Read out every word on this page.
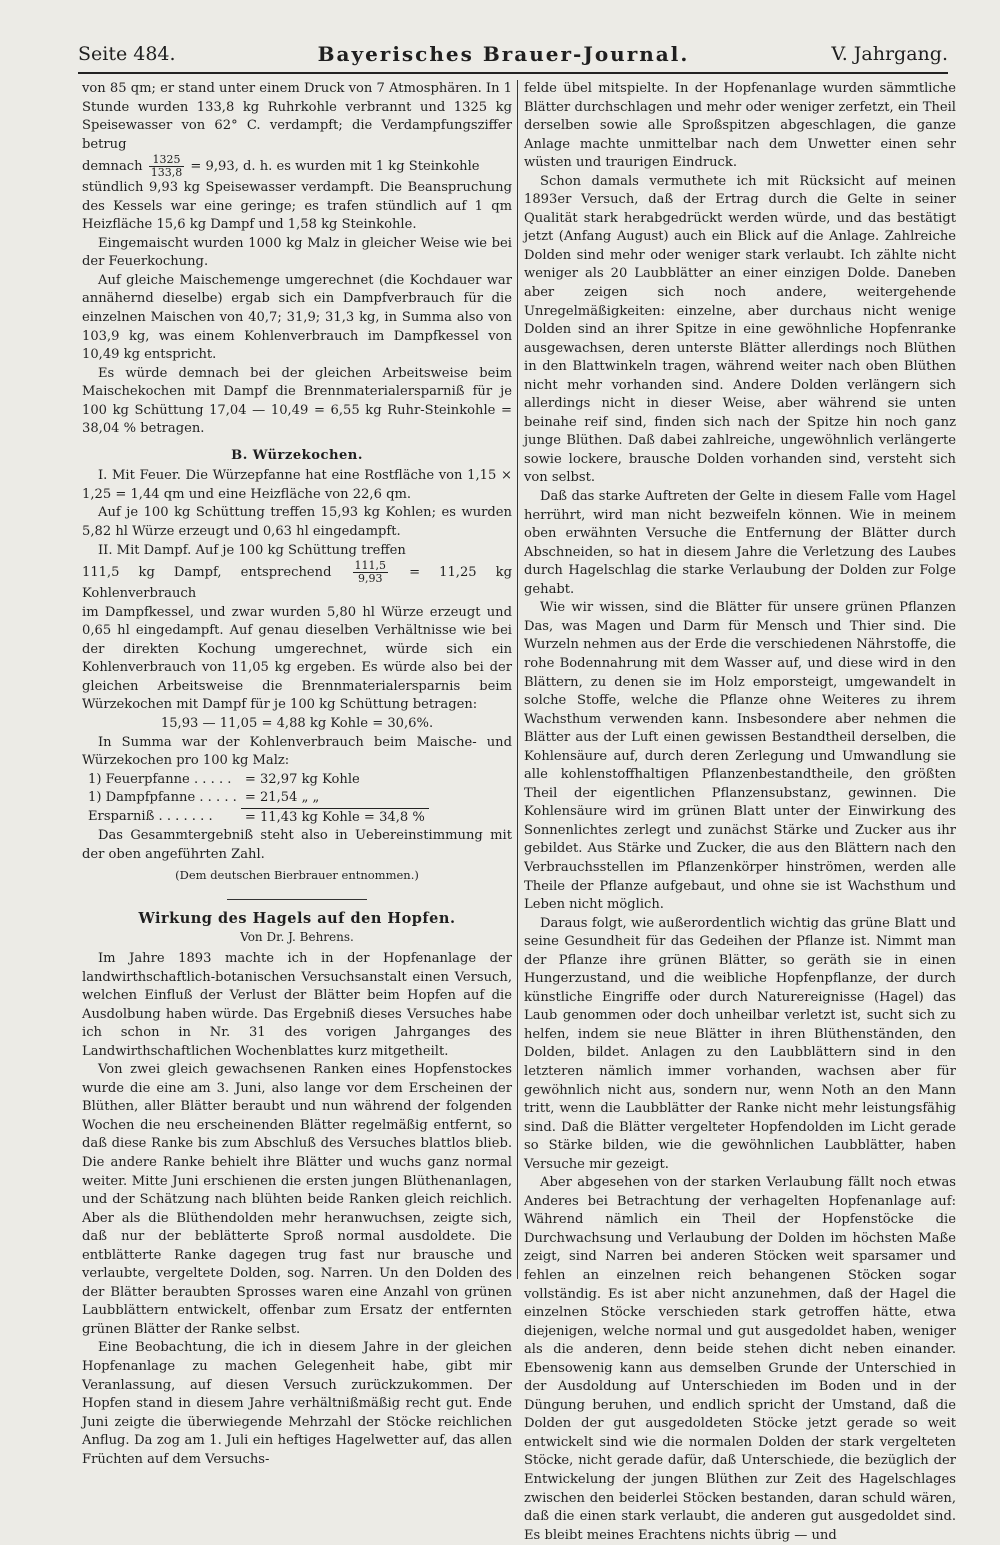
Seite 484.	Bayerisches Brauer-Journal.	V. Jahrgang.

von 85 qm; er stand unter einem Druck von 7 Atmosphären. In 1 Stunde wurden 133,8 kg Ruhrkohle verbrannt und 1325 kg Speisewasser von 62° C. verdampft; die Verdampfungsziffer betrug

demnach $\frac{1325}{133,8} = 9,93$, d. h. es wurden mit 1 kg Steinkohle

stündlich 9,93 kg Speisewasser verdampft. Die Beanspruchung des Kessels war eine geringe; es trafen stündlich auf 1 qm Heizfläche 15,6 kg Dampf und 1,58 kg Steinkohle.

Eingemaischt wurden 1000 kg Malz in gleicher Weise wie bei der Feuerkochung.

Auf gleiche Maischemenge umgerechnet (die Kochdauer war annähernd dieselbe) ergab sich ein Dampfverbrauch für die einzelnen Maischen von 40,7; 31,9; 31,3 kg, in Summa also von 103,9 kg, was einem Kohlenverbrauch im Dampfkessel von 10,49 kg entspricht.

Es würde demnach bei der gleichen Arbeitsweise beim Maischekochen mit Dampf die Brennmaterialersparniß für je 100 kg Schüttung 17,04 — 10,49 = 6,55 kg Ruhr-Steinkohle = 38,04 % betragen.

B. Würzekochen.

I. Mit Feuer. Die Würzepfanne hat eine Rostfläche von 1,15 × 1,25 = 1,44 qm und eine Heizfläche von 22,6 qm.

Auf je 100 kg Schüttung treffen 15,93 kg Kohlen; es wurden 5,82 hl Würze erzeugt und 0,63 hl eingedampft.

II. Mit Dampf. Auf je 100 kg Schüttung treffen

111,5 kg Dampf, entsprechend $\frac{111,5}{9,93} = 11,25$ kg Kohlenverbrauch

im Dampfkessel, und zwar wurden 5,80 hl Würze erzeugt und 0,65 hl eingedampft. Auf genau dieselben Verhältnisse wie bei der direkten Kochung umgerechnet, würde sich ein Kohlenverbrauch von 11,05 kg ergeben. Es würde also bei der gleichen Arbeitsweise die Brennmaterialersparnis beim Würzekochen mit Dampf für je 100 kg Schüttung betragen:

15,93 — 11,05 = 4,88 kg Kohle = 30,6%.

In Summa war der Kohlenverbrauch beim Maische- und Würzekochen pro 100 kg Malz:

1) Feuerpfanne . . . . .	= 32,97 kg Kohle
1) Dampfpfanne . . . . .	= 21,54 „ „
Ersparniß . . . . . . .	= 11,43 kg Kohle = 34,8 %

Das Gesammtergebniß steht also in Uebereinstimmung mit der oben angeführten Zahl.

(Dem deutschen Bierbrauer entnommen.)
Wirkung des Hagels auf den Hopfen.
Von Dr. J. Behrens.

Im Jahre 1893 machte ich in der Hopfenanlage der landwirthschaftlich-botanischen Versuchsanstalt einen Versuch, welchen Einfluß der Verlust der Blätter beim Hopfen auf die Ausdolbung haben würde. Das Ergebniß dieses Versuches habe ich schon in Nr. 31 des vorigen Jahrganges des Landwirthschaftlichen Wochenblattes kurz mitgetheilt.

Von zwei gleich gewachsenen Ranken eines Hopfenstockes wurde die eine am 3. Juni, also lange vor dem Erscheinen der Blüthen, aller Blätter beraubt und nun während der folgenden Wochen die neu erscheinenden Blätter regelmäßig entfernt, so daß diese Ranke bis zum Abschluß des Versuches blattlos blieb. Die andere Ranke behielt ihre Blätter und wuchs ganz normal weiter. Mitte Juni erschienen die ersten jungen Blüthenanlagen, und der Schätzung nach blühten beide Ranken gleich reichlich. Aber als die Blüthendolden mehr heranwuchsen, zeigte sich, daß nur der beblätterte Sproß normal ausdoldete. Die entblätterte Ranke dagegen trug fast nur brausche und verlaubte, vergeltete Dolden, sog. Narren. Un den Dolden des der Blätter beraubten Sprosses waren eine Anzahl von grünen Laubblättern entwickelt, offenbar zum Ersatz der entfernten grünen Blätter der Ranke selbst.

Eine Beobachtung, die ich in diesem Jahre in der gleichen Hopfenanlage zu machen Gelegenheit habe, gibt mir Veranlassung, auf diesen Versuch zurückzukommen. Der Hopfen stand in diesem Jahre verhältnißmäßig recht gut. Ende Juni zeigte die überwiegende Mehrzahl der Stöcke reichlichen Anflug. Da zog am 1. Juli ein heftiges Hagelwetter auf, das allen Früchten auf dem Versuchs-

felde übel mitspielte. In der Hopfenanlage wurden sämmtliche Blätter durchschlagen und mehr oder weniger zerfetzt, ein Theil derselben sowie alle Sproßspitzen abgeschlagen, die ganze Anlage machte unmittelbar nach dem Unwetter einen sehr wüsten und traurigen Eindruck.

Schon damals vermuthete ich mit Rücksicht auf meinen 1893er Versuch, daß der Ertrag durch die Gelte in seiner Qualität stark herabgedrückt werden würde, und das bestätigt jetzt (Anfang August) auch ein Blick auf die Anlage. Zahlreiche Dolden sind mehr oder weniger stark verlaubt. Ich zählte nicht weniger als 20 Laubblätter an einer einzigen Dolde. Daneben aber zeigen sich noch andere, weitergehende Unregelmäßigkeiten: einzelne, aber durchaus nicht wenige Dolden sind an ihrer Spitze in eine gewöhnliche Hopfenranke ausgewachsen, deren unterste Blätter allerdings noch Blüthen in den Blattwinkeln tragen, während weiter nach oben Blüthen nicht mehr vorhanden sind. Andere Dolden verlängern sich allerdings nicht in dieser Weise, aber während sie unten beinahe reif sind, finden sich nach der Spitze hin noch ganz junge Blüthen. Daß dabei zahlreiche, ungewöhnlich verlängerte sowie lockere, brausche Dolden vorhanden sind, versteht sich von selbst.

Daß das starke Auftreten der Gelte in diesem Falle vom Hagel herrührt, wird man nicht bezweifeln können. Wie in meinem oben erwähnten Versuche die Entfernung der Blätter durch Abschneiden, so hat in diesem Jahre die Verletzung des Laubes durch Hagelschlag die starke Verlaubung der Dolden zur Folge gehabt.

Wie wir wissen, sind die Blätter für unsere grünen Pflanzen Das, was Magen und Darm für Mensch und Thier sind. Die Wurzeln nehmen aus der Erde die verschiedenen Nährstoffe, die rohe Bodennahrung mit dem Wasser auf, und diese wird in den Blättern, zu denen sie im Holz emporsteigt, umgewandelt in solche Stoffe, welche die Pflanze ohne Weiteres zu ihrem Wachsthum verwenden kann. Insbesondere aber nehmen die Blätter aus der Luft einen gewissen Bestandtheil derselben, die Kohlensäure auf, durch deren Zerlegung und Umwandlung sie alle kohlenstoffhaltigen Pflanzenbestandtheile, den größten Theil der eigentlichen Pflanzensubstanz, gewinnen. Die Kohlensäure wird im grünen Blatt unter der Einwirkung des Sonnenlichtes zerlegt und zunächst Stärke und Zucker aus ihr gebildet. Aus Stärke und Zucker, die aus den Blättern nach den Verbrauchsstellen im Pflanzenkörper hinströmen, werden alle Theile der Pflanze aufgebaut, und ohne sie ist Wachsthum und Leben nicht möglich.

Daraus folgt, wie außerordentlich wichtig das grüne Blatt und seine Gesundheit für das Gedeihen der Pflanze ist. Nimmt man der Pflanze ihre grünen Blätter, so geräth sie in einen Hungerzustand, und die weibliche Hopfenpflanze, der durch künstliche Eingriffe oder durch Naturereignisse (Hagel) das Laub genommen oder doch unheilbar verletzt ist, sucht sich zu helfen, indem sie neue Blätter in ihren Blüthenständen, den Dolden, bildet. Anlagen zu den Laubblättern sind in den letzteren nämlich immer vorhanden, wachsen aber für gewöhnlich nicht aus, sondern nur, wenn Noth an den Mann tritt, wenn die Laubblätter der Ranke nicht mehr leistungsfähig sind. Daß die Blätter vergelteter Hopfendolden im Licht gerade so Stärke bilden, wie die gewöhnlichen Laubblätter, haben Versuche mir gezeigt.

Aber abgesehen von der starken Verlaubung fällt noch etwas Anderes bei Betrachtung der verhagelten Hopfenanlage auf: Während nämlich ein Theil der Hopfenstöcke die Durchwachsung und Verlaubung der Dolden im höchsten Maße zeigt, sind Narren bei anderen Stöcken weit sparsamer und fehlen an einzelnen reich behangenen Stöcken sogar vollständig. Es ist aber nicht anzunehmen, daß der Hagel die einzelnen Stöcke verschieden stark getroffen hätte, etwa diejenigen, welche normal und gut ausgedoldet haben, weniger als die anderen, denn beide stehen dicht neben einander. Ebensowenig kann aus demselben Grunde der Unterschied in der Ausdoldung auf Unterschieden im Boden und in der Düngung beruhen, und endlich spricht der Umstand, daß die Dolden der gut ausgedoldeten Stöcke jetzt gerade so weit entwickelt sind wie die normalen Dolden der stark vergelteten Stöcke, nicht gerade dafür, daß Unterschiede, die bezüglich der Entwickelung der jungen Blüthen zur Zeit des Hagelschlages zwischen den beiderlei Stöcken bestanden, daran schuld wären, daß die einen stark verlaubt, die anderen gut ausgedoldet sind. Es bleibt meines Erachtens nichts übrig — und
